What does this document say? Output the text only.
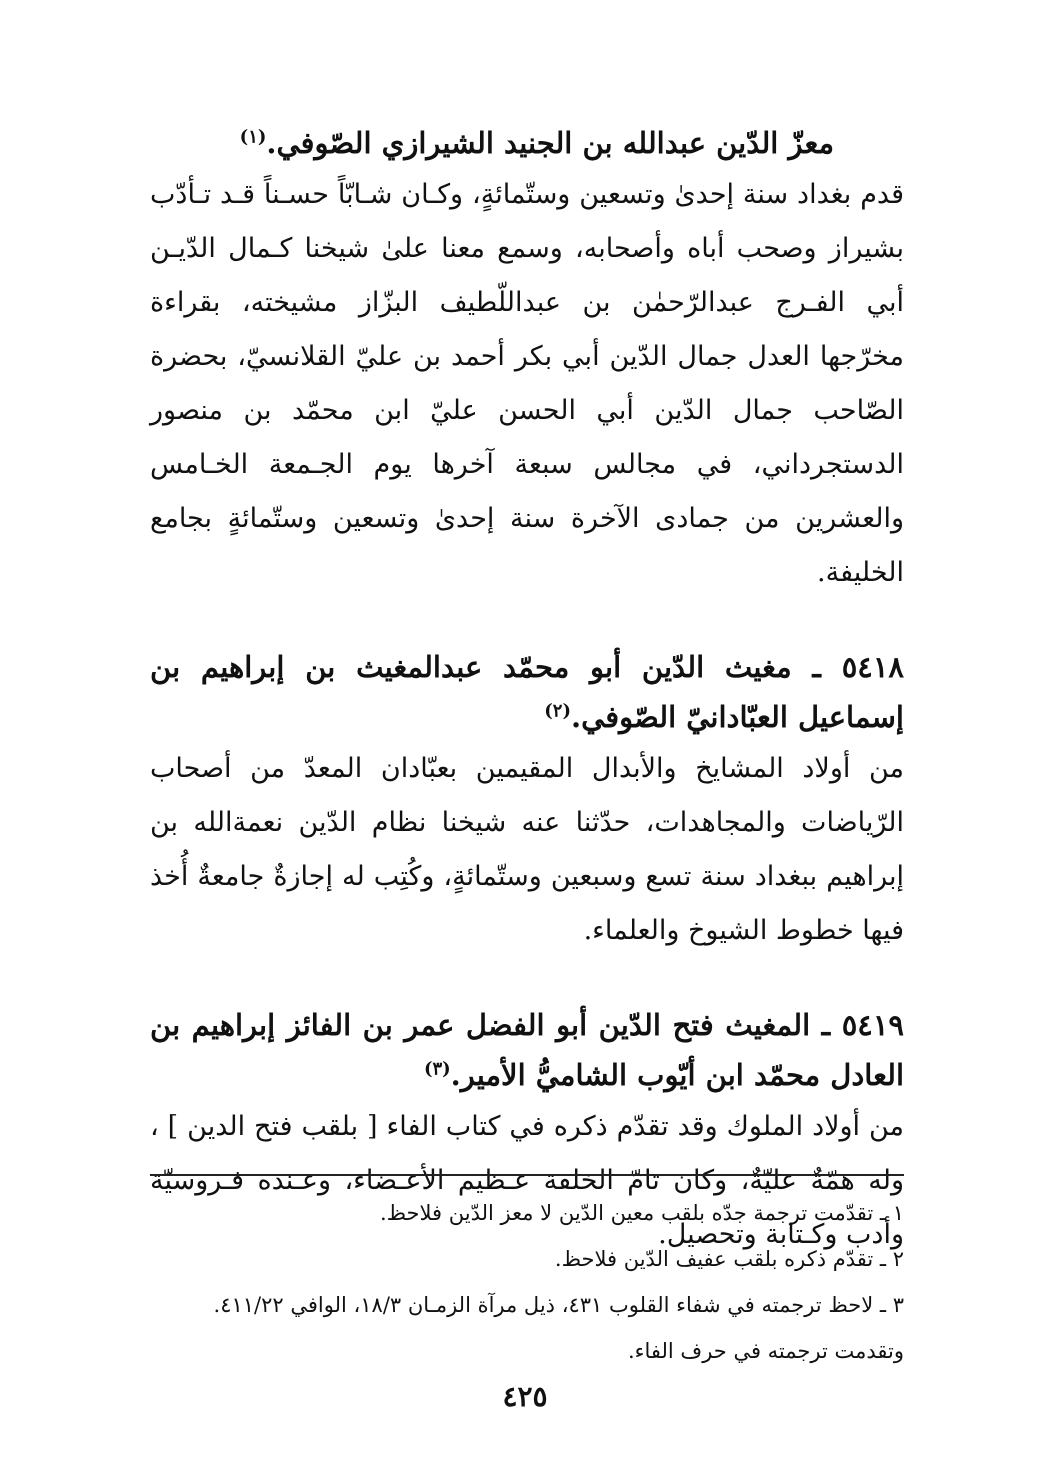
معزّ الدّين عبدالله بن الجنيد الشيرازي الصّوفي.$^{(١)}$

قدم بغداد سنة إحدىٰ وتسعين وستّمائةٍ، وكـان شـابّاً حسـناً قـد تـأدّب بشيراز وصحب أباه وأصحابه، وسمع معنا علىٰ شيخنا كـمال الدّيـن أبي الفـرج عبدالرّحمٰن بن عبداللّطيف البزّاز مشيخته، بقراءة مخرّجها العدل جمال الدّين أبي بكر أحمد بن عليّ القلانسيّ، بحضرة الصّاحب جمال الدّين أبي الحسن عليّ ابن محمّد بن منصور الدستجرداني، في مجالس سبعة آخرها يوم الجـمعة الخـامس والعشرين من جمادى الآخرة سنة إحدىٰ وتسعين وستّمائةٍ بجامع الخليفة.

٥٤١٨ ـ مغيث الدّين أبو محمّد عبدالمغيث بن إبراهيم بن إسماعيل العبّادانيّ الصّوفي.$^{(٢)}$

من أولاد المشايخ والأبدال المقيمين بعبّادان المعدّ من أصحاب الرّياضات والمجاهدات، حدّثنا عنه شيخنا نظام الدّين نعمةالله بن إبراهيم ببغداد سنة تسع وسبعين وستّمائةٍ، وكُتِب له إجازةٌ جامعةٌ أُخذ فيها خطوط الشيوخ والعلماء.

٥٤١٩ ـ المغيث فتح الدّين أبو الفضل عمر بن الفائز إبراهيم بن العادل محمّد ابن أيّوب الشاميُّ الأمير.$^{(٣)}$

من أولاد الملوك وقد تقدّم ذكره في كتاب الفاء [ بلقب فتح الدين ] ، وله همّةٌ عليّةٌ، وكان تامّ الخلقة عـظيم الأعـضاء، وعـنده فـروسيّة وأدب وكـتابة وتحصيل.

١ ـ تقدّمت ترجمة جدّه بلقب معين الدّين لا معز الدّين فلاحظ.

٢ ـ تقدّم ذكره بلقب عفيف الدّين فلاحظ.

٣ ـ لاحظ ترجمته في شفاء القلوب ٤٣١، ذيل مرآة الزمـان ١٨/٣، الوافي ٤١١/٢٢. وتقدمت ترجمته في حرف الفاء.

٤٢٥
